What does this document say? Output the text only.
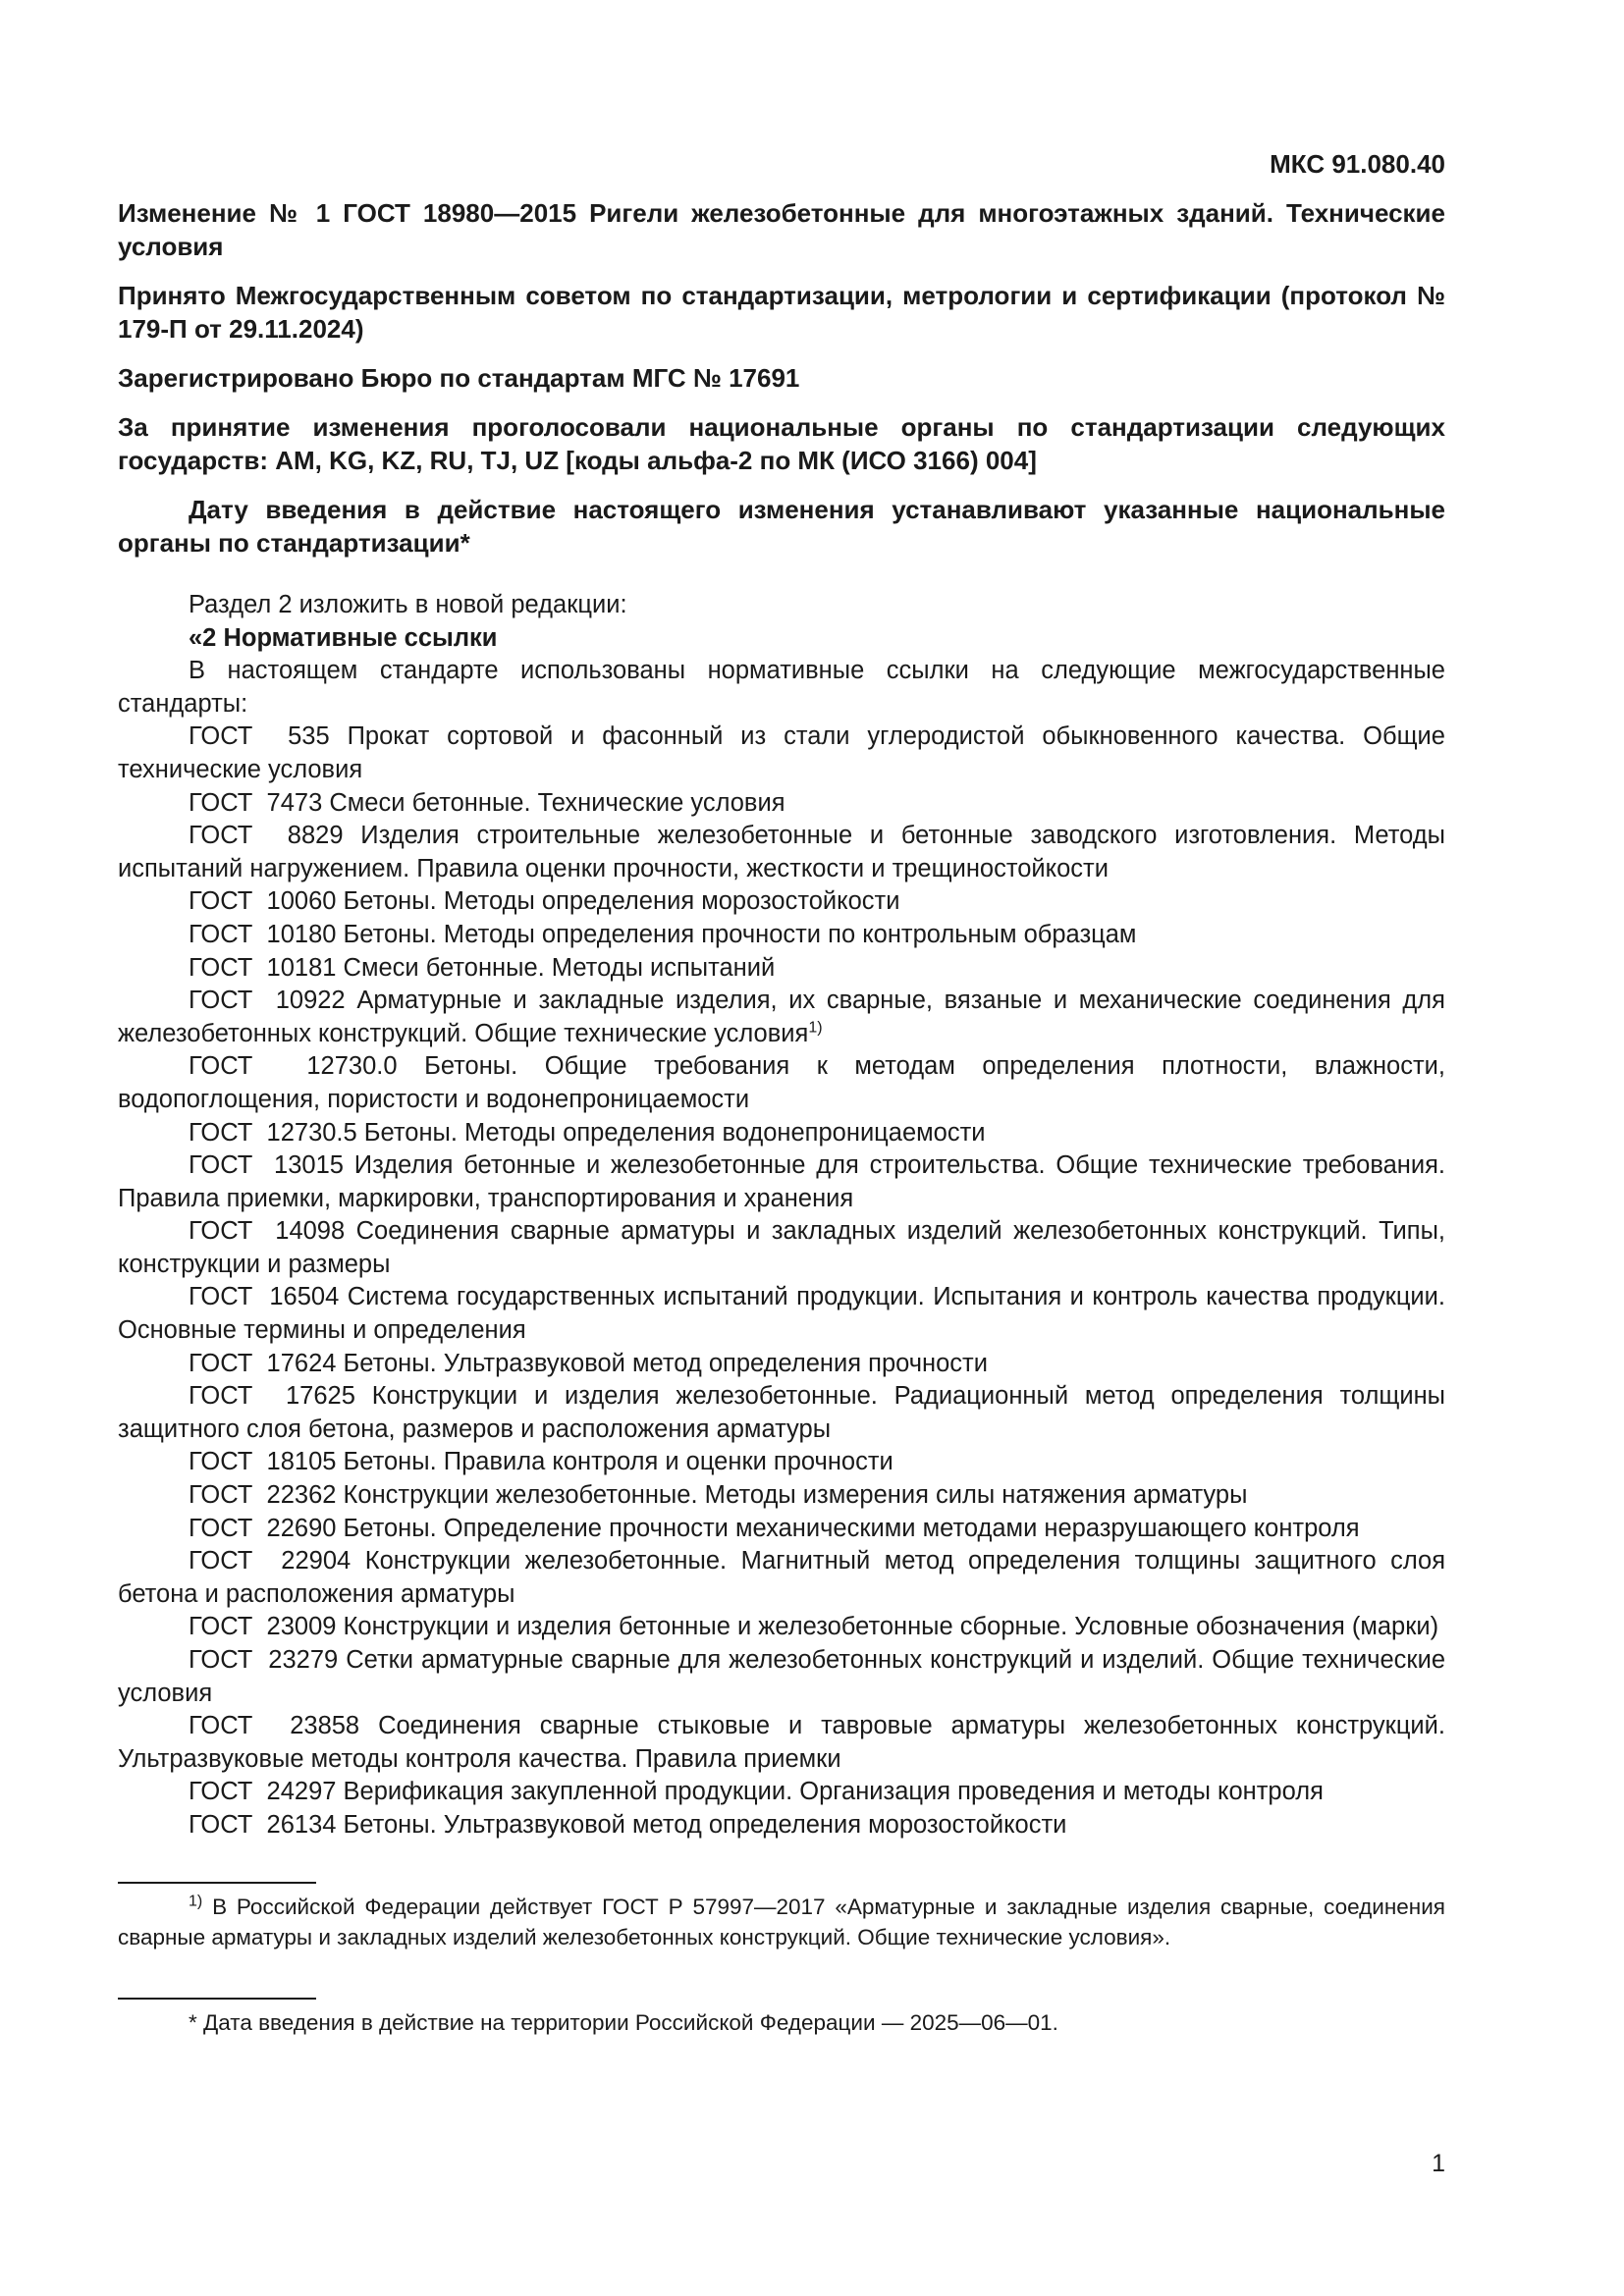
МКС 91.080.40
Изменение № 1 ГОСТ 18980—2015 Ригели железобетонные для многоэтажных зданий. Технические условия
Принято Межгосударственным советом по стандартизации, метрологии и сертификации (протокол № 179-П от 29.11.2024)
Зарегистрировано Бюро по стандартам МГС № 17691
За принятие изменения проголосовали национальные органы по стандартизации следующих государств: AM, KG, KZ, RU, TJ, UZ [коды альфа-2 по МК (ИСО 3166) 004]
Дату введения в действие настоящего изменения устанавливают указанные национальные органы по стандартизации*

Раздел 2 изложить в новой редакции:

«2 Нормативные ссылки

В настоящем стандарте использованы нормативные ссылки на следующие межгосударственные стандарты:

ГОСТ  535 Прокат сортовой и фасонный из стали углеродистой обыкновенного качества. Общие технические условия

ГОСТ  7473 Смеси бетонные. Технические условия

ГОСТ  8829 Изделия строительные железобетонные и бетонные заводского изготовления. Методы испытаний нагружением. Правила оценки прочности, жесткости и трещиностойкости

ГОСТ  10060 Бетоны. Методы определения морозостойкости

ГОСТ  10180 Бетоны. Методы определения прочности по контрольным образцам

ГОСТ  10181 Смеси бетонные. Методы испытаний

ГОСТ  10922 Арматурные и закладные изделия, их сварные, вязаные и механические соединения для железобетонных конструкций. Общие технические условия$^{1)}$

ГОСТ  12730.0 Бетоны. Общие требования к методам определения плотности, влажности, водопоглощения, пористости и водонепроницаемости

ГОСТ  12730.5 Бетоны. Методы определения водонепроницаемости

ГОСТ  13015 Изделия бетонные и железобетонные для строительства. Общие технические требования. Правила приемки, маркировки, транспортирования и хранения

ГОСТ  14098 Соединения сварные арматуры и закладных изделий железобетонных конструкций. Типы, конструкции и размеры

ГОСТ  16504 Система государственных испытаний продукции. Испытания и контроль качества продукции. Основные термины и определения

ГОСТ  17624 Бетоны. Ультразвуковой метод определения прочности

ГОСТ  17625 Конструкции и изделия железобетонные. Радиационный метод определения толщины защитного слоя бетона, размеров и расположения арматуры

ГОСТ  18105 Бетоны. Правила контроля и оценки прочности

ГОСТ  22362 Конструкции железобетонные. Методы измерения силы натяжения арматуры

ГОСТ  22690 Бетоны. Определение прочности механическими методами неразрушающего контроля

ГОСТ  22904 Конструкции железобетонные. Магнитный метод определения толщины защитного слоя бетона и расположения арматуры

ГОСТ  23009 Конструкции и изделия бетонные и железобетонные сборные. Условные обозначения (марки)

ГОСТ  23279 Сетки арматурные сварные для железобетонных конструкций и изделий. Общие технические условия

ГОСТ  23858 Соединения сварные стыковые и тавровые арматуры железобетонных конструкций. Ультразвуковые методы контроля качества. Правила приемки

ГОСТ  24297 Верификация закупленной продукции. Организация проведения и методы контроля

ГОСТ  26134 Бетоны. Ультразвуковой метод определения морозостойкости

$^{1)}$ В Российской Федерации действует ГОСТ Р 57997—2017 «Арматурные и закладные изделия сварные, соединения сварные арматуры и закладных изделий железобетонных конструкций. Общие технические условия».

* Дата введения в действие на территории Российской Федерации — 2025—06—01.

1
